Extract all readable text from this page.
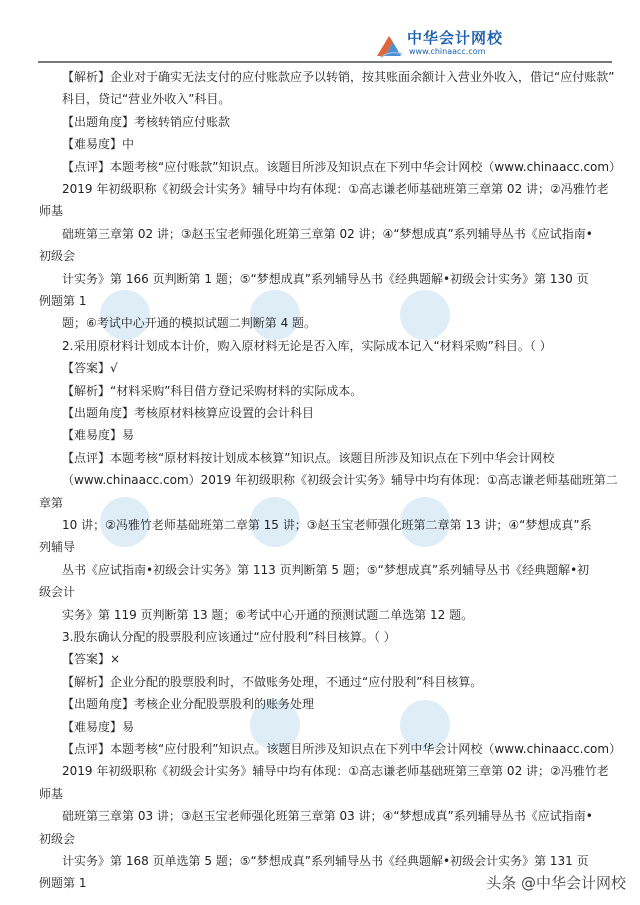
中华会计网校
www.chinaacc.com
【解析】企业对于确实无法支付的应付账款应予以转销，按其账面余额计入营业外收入，借记“应付账款”
科目，贷记“营业外收入”科目。
【出题角度】考核转销应付账款
【难易度】中
【点评】本题考核“应付账款”知识点。该题目所涉及知识点在下列中华会计网校（www.chinaacc.com）
2019 年初级职称《初级会计实务》辅导中均有体现：①高志谦老师基础班第三章第 02 讲；②冯雅竹老
师基
础班第三章第 02 讲；③赵玉宝老师强化班第三章第 02 讲；④“梦想成真”系列辅导丛书《应试指南•
初级会
计实务》第 166 页判断第 1 题；⑤“梦想成真”系列辅导丛书《经典题解•初级会计实务》第 130 页
例题第 1
题；⑥考试中心开通的模拟试题二判断第 4 题。
2.采用原材料计划成本计价，购入原材料无论是否入库，实际成本记入“材料采购”科目。（ ）
【答案】√
【解析】“材料采购”科目借方登记采购材料的实际成本。
【出题角度】考核原材料核算应设置的会计科目
【难易度】易
【点评】本题考核“原材料按计划成本核算”知识点。该题目所涉及知识点在下列中华会计网校
（www.chinaacc.com）2019 年初级职称《初级会计实务》辅导中均有体现：①高志谦老师基础班第二
章第
10 讲；②冯雅竹老师基础班第二章第 15 讲；③赵玉宝老师强化班第二章第 13 讲；④“梦想成真”系
列辅导
丛书《应试指南•初级会计实务》第 113 页判断第 5 题；⑤“梦想成真”系列辅导丛书《经典题解•初
级会计
实务》第 119 页判断第 13 题；⑥考试中心开通的预测试题二单选第 12 题。
3.股东确认分配的股票股利应该通过“应付股利”科目核算。（ ）
【答案】×
【解析】企业分配的股票股利时，不做账务处理，不通过“应付股利”科目核算。
【出题角度】考核企业分配股票股利的账务处理
【难易度】易
【点评】本题考核“应付股利”知识点。该题目所涉及知识点在下列中华会计网校（www.chinaacc.com）
2019 年初级职称《初级会计实务》辅导中均有体现：①高志谦老师基础班第三章第 02 讲；②冯雅竹老
师基
础班第三章第 03 讲；③赵玉宝老师强化班第三章第 03 讲；④“梦想成真”系列辅导丛书《应试指南•
初级会
计实务》第 168 页单选第 5 题；⑤“梦想成真”系列辅导丛书《经典题解•初级会计实务》第 131 页
例题第 1	头条 @中华会计网校
